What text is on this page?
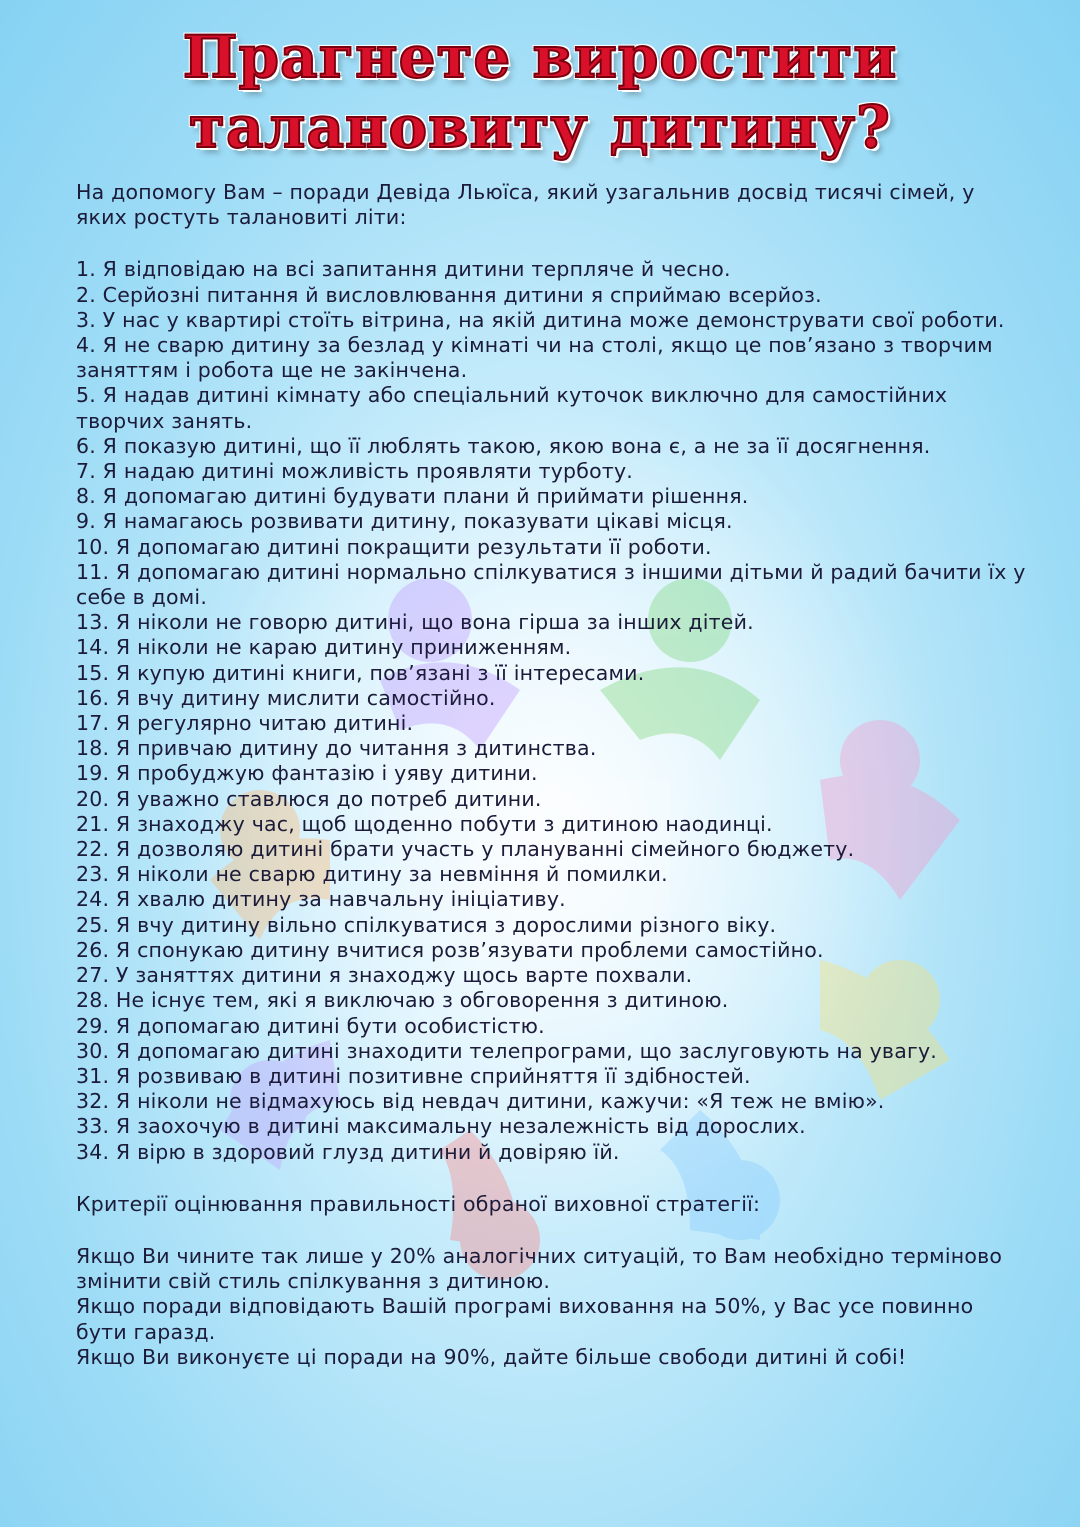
Прагнете виростити
талановиту дитину?

На допомогу Вам – поради Девіда Льюїса, який узагальнив досвід тисячі сімей, у яких ростуть талановиті літи:

1. Я відповідаю на всі запитання дитини терпляче й чесно.

2. Серйозні питання й висловлювання дитини я сприймаю всерйоз.

3. У нас у квартирі стоїть вітрина, на якій дитина може демонструвати свої роботи.

4. Я не сварю дитину за безлад у кімнаті чи на столі, якщо це пов’язано з творчим заняттям і робота ще не закінчена.

5. Я надав дитині кімнату або спеціальний куточок виключно для самостійних творчих занять.

6. Я показую дитині, що її люблять такою, якою вона є, а не за її досягнення.

7. Я надаю дитині можливість проявляти турботу.

8. Я допомагаю дитині будувати плани й приймати рішення.

9. Я намагаюсь розвивати дитину, показувати цікаві місця.

10. Я допомагаю дитині покращити результати її роботи.

11. Я допомагаю дитині нормально спілкуватися з іншими дітьми й радий бачити їх у себе в домі.

13. Я ніколи не говорю дитині, що вона гірша за інших дітей.

14. Я ніколи не караю дитину приниженням.

15. Я купую дитині книги, пов’язані з її інтересами.

16. Я вчу дитину мислити самостійно.

17. Я регулярно читаю дитині.

18. Я привчаю дитину до читання з дитинства.

19. Я пробуджую фантазію і уяву дитини.

20. Я уважно ставлюся до потреб дитини.

21. Я знаходжу час, щоб щоденно побути з дитиною наодинці.

22. Я дозволяю дитині брати участь у плануванні сімейного бюджету.

23. Я ніколи не сварю дитину за невміння й помилки.

24. Я хвалю дитину за навчальну ініціативу.

25. Я вчу дитину вільно спілкуватися з дорослими різного віку.

26. Я спонукаю дитину вчитися розв’язувати проблеми самостійно.

27. У заняттях дитини я знаходжу щось варте похвали.

28. Не існує тем, які я виключаю з обговорення з дитиною.

29. Я допомагаю дитині бути особистістю.

30. Я допомагаю дитині знаходити телепрограми, що заслуговують на увагу.

31. Я розвиваю в дитині позитивне сприйняття її здібностей.

32. Я ніколи не відмахуюсь від невдач дитини, кажучи: «Я теж не вмію».

33. Я заохочую в дитині максимальну незалежність від дорослих.

34. Я вірю в здоровий глузд дитини й довіряю їй.

Критерії оцінювання правильності обраної виховної стратегії:

Якщо Ви чините так лише у 20% аналогічних ситуацій, то Вам необхідно терміново змінити свій стиль спілкування з дитиною.

Якщо поради відповідають Вашій програмі виховання на 50%, у Вас усе повинно бути гаразд.

Якщо Ви виконуєте ці поради на 90%, дайте більше свободи дитині й собі!
